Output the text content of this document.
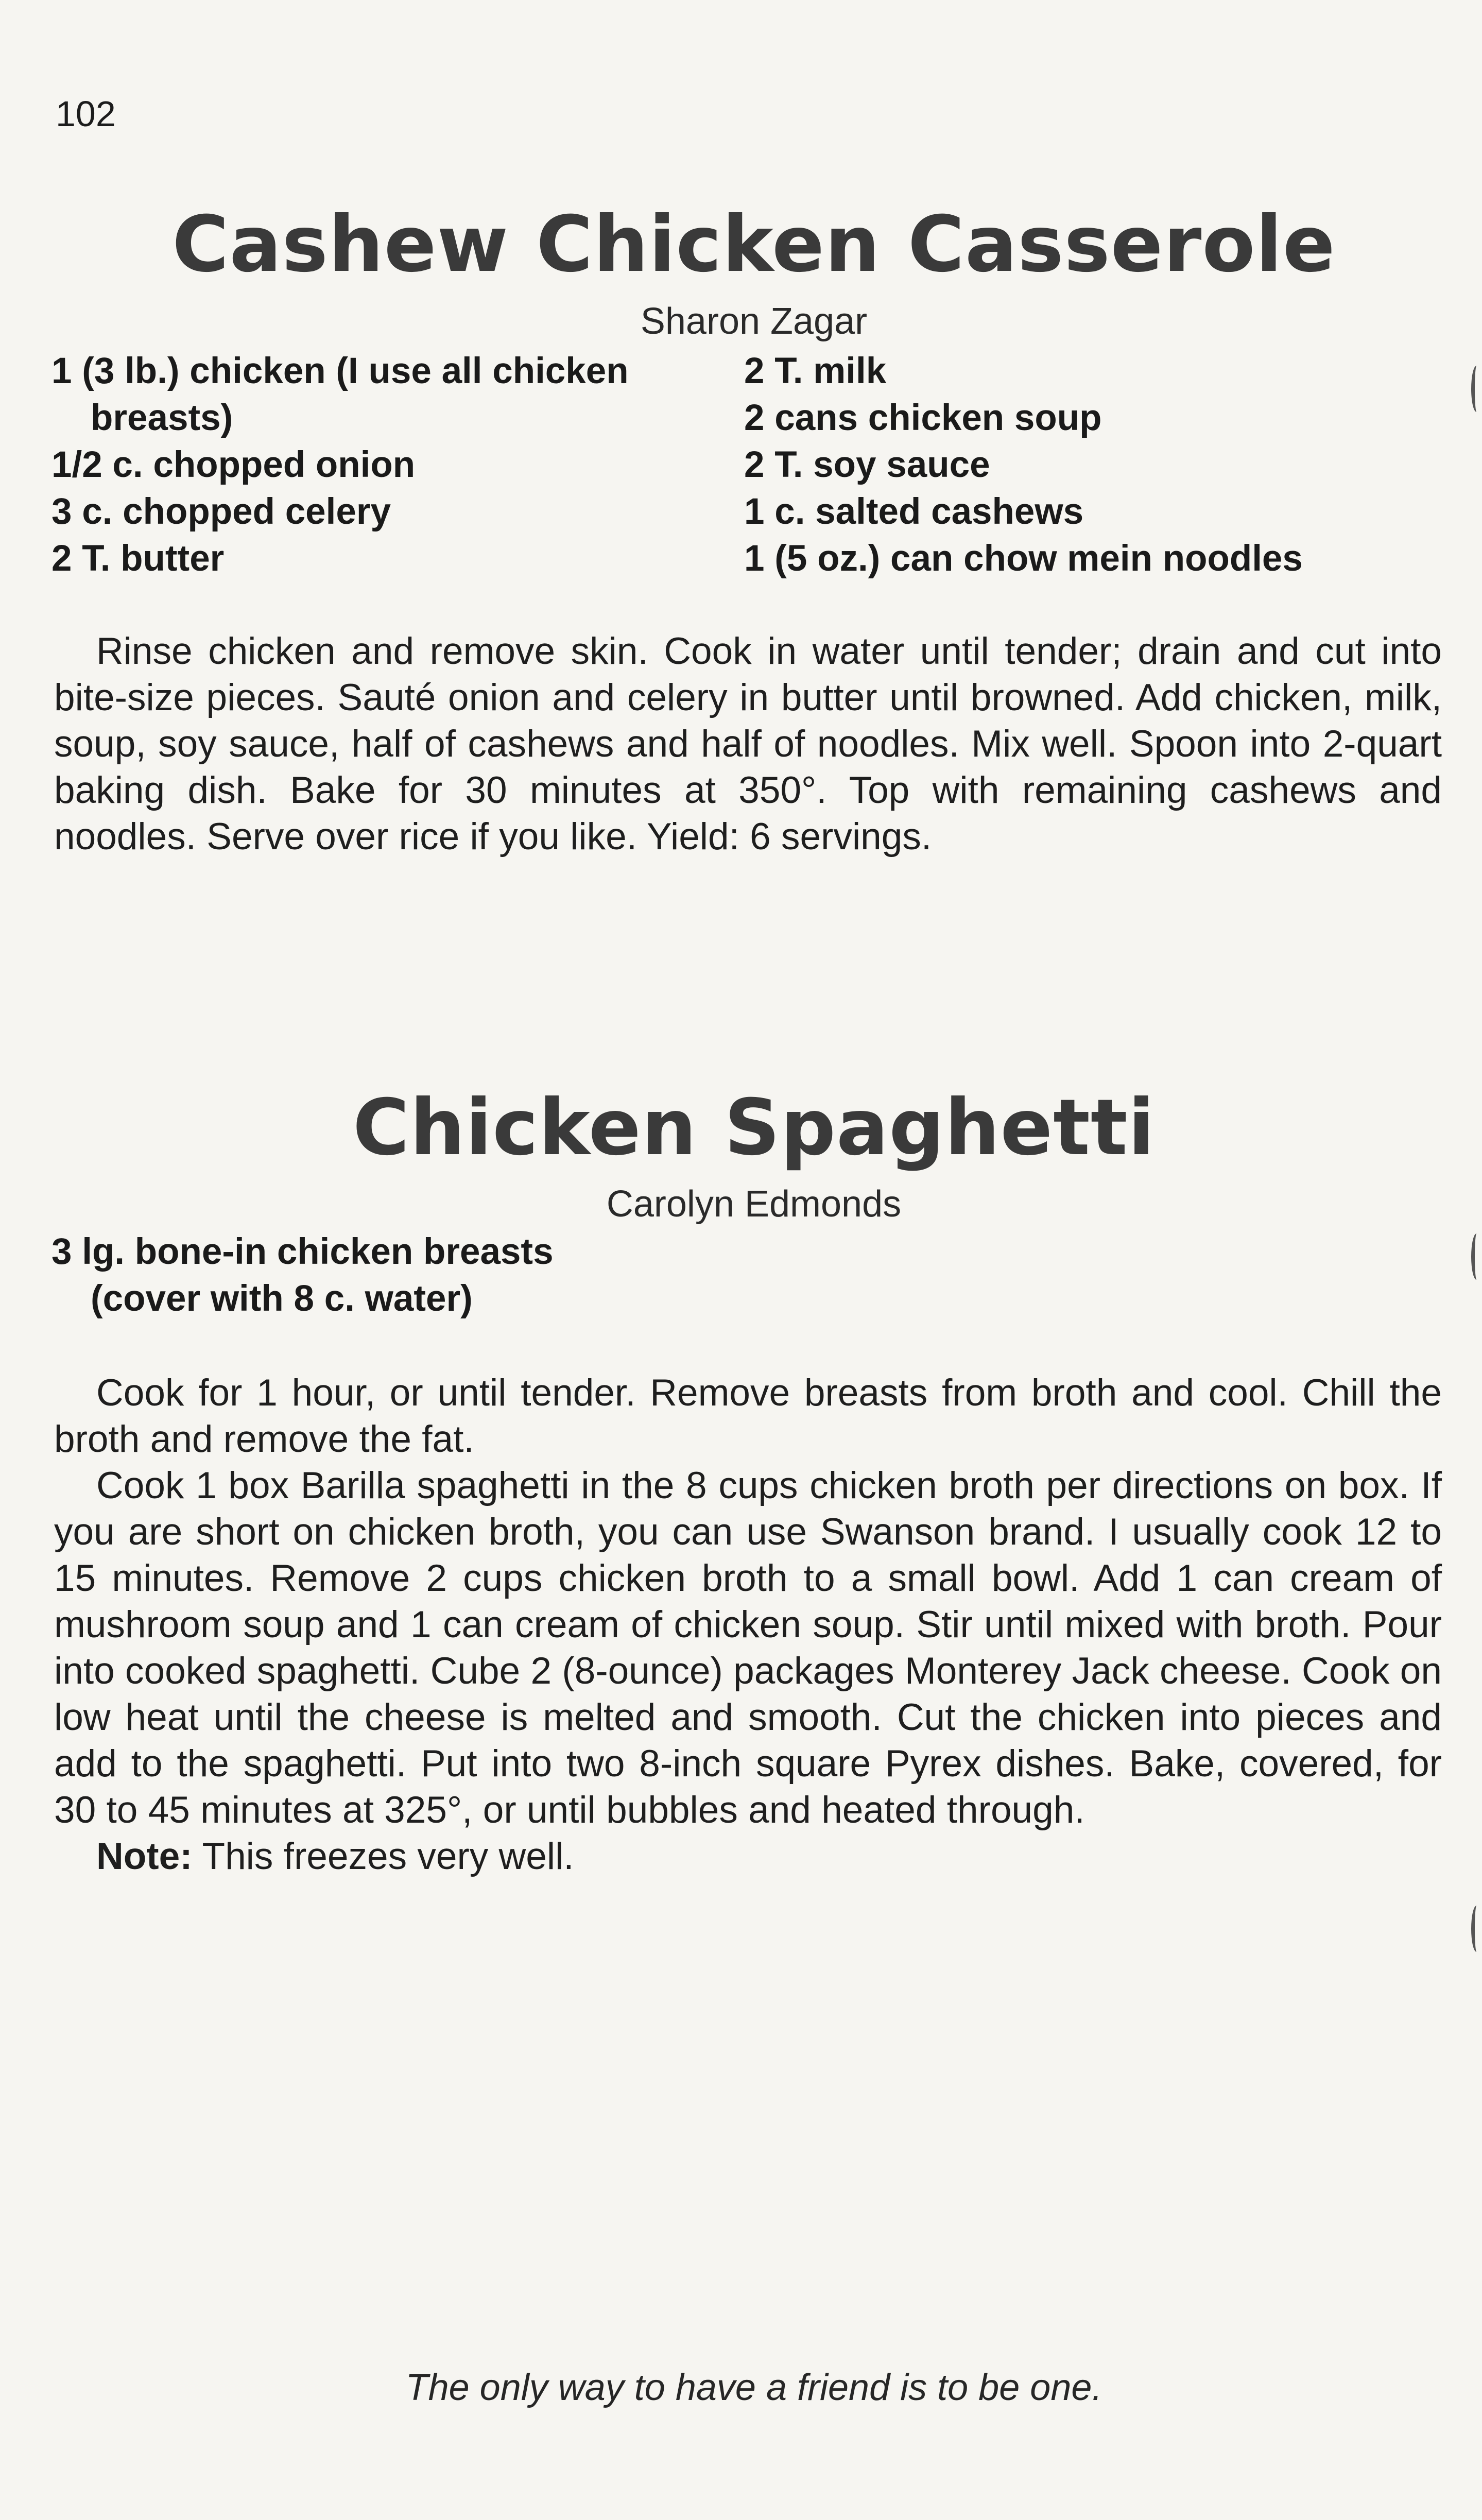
102
Cashew Chicken Casserole
Sharon Zagar
1 (3 lb.) chicken (I use all chicken
breasts)
1/2 c. chopped onion
3 c. chopped celery
2 T. butter
2 T. milk
2 cans chicken soup
2 T. soy sauce
1 c. salted cashews
1 (5 oz.) can chow mein noodles

Rinse chicken and remove skin. Cook in water until tender; drain and cut into bite-size pieces. Sauté onion and celery in butter until browned. Add chicken, milk, soup, soy sauce, half of cashews and half of noodles. Mix well. Spoon into 2-quart baking dish. Bake for 30 minutes at 350°. Top with remaining cashews and noodles. Serve over rice if you like. Yield: 6 servings.

Chicken Spaghetti
Carolyn Edmonds
3 lg. bone-in chicken breasts
(cover with 8 c. water)

Cook for 1 hour, or until tender. Remove breasts from broth and cool. Chill the broth and remove the fat.

Cook 1 box Barilla spaghetti in the 8 cups chicken broth per directions on box. If you are short on chicken broth, you can use Swanson brand. I usually cook 12 to 15 minutes. Remove 2 cups chicken broth to a small bowl. Add 1 can cream of mushroom soup and 1 can cream of chicken soup. Stir until mixed with broth. Pour into cooked spaghetti. Cube 2 (8-ounce) packages Monterey Jack cheese. Cook on low heat until the cheese is melted and smooth. Cut the chicken into pieces and add to the spaghetti. Put into two 8-inch square Pyrex dishes. Bake, covered, for 30 to 45 minutes at 325°, or until bubbles and heated through.

Note: This freezes very well.

The only way to have a friend is to be one.
